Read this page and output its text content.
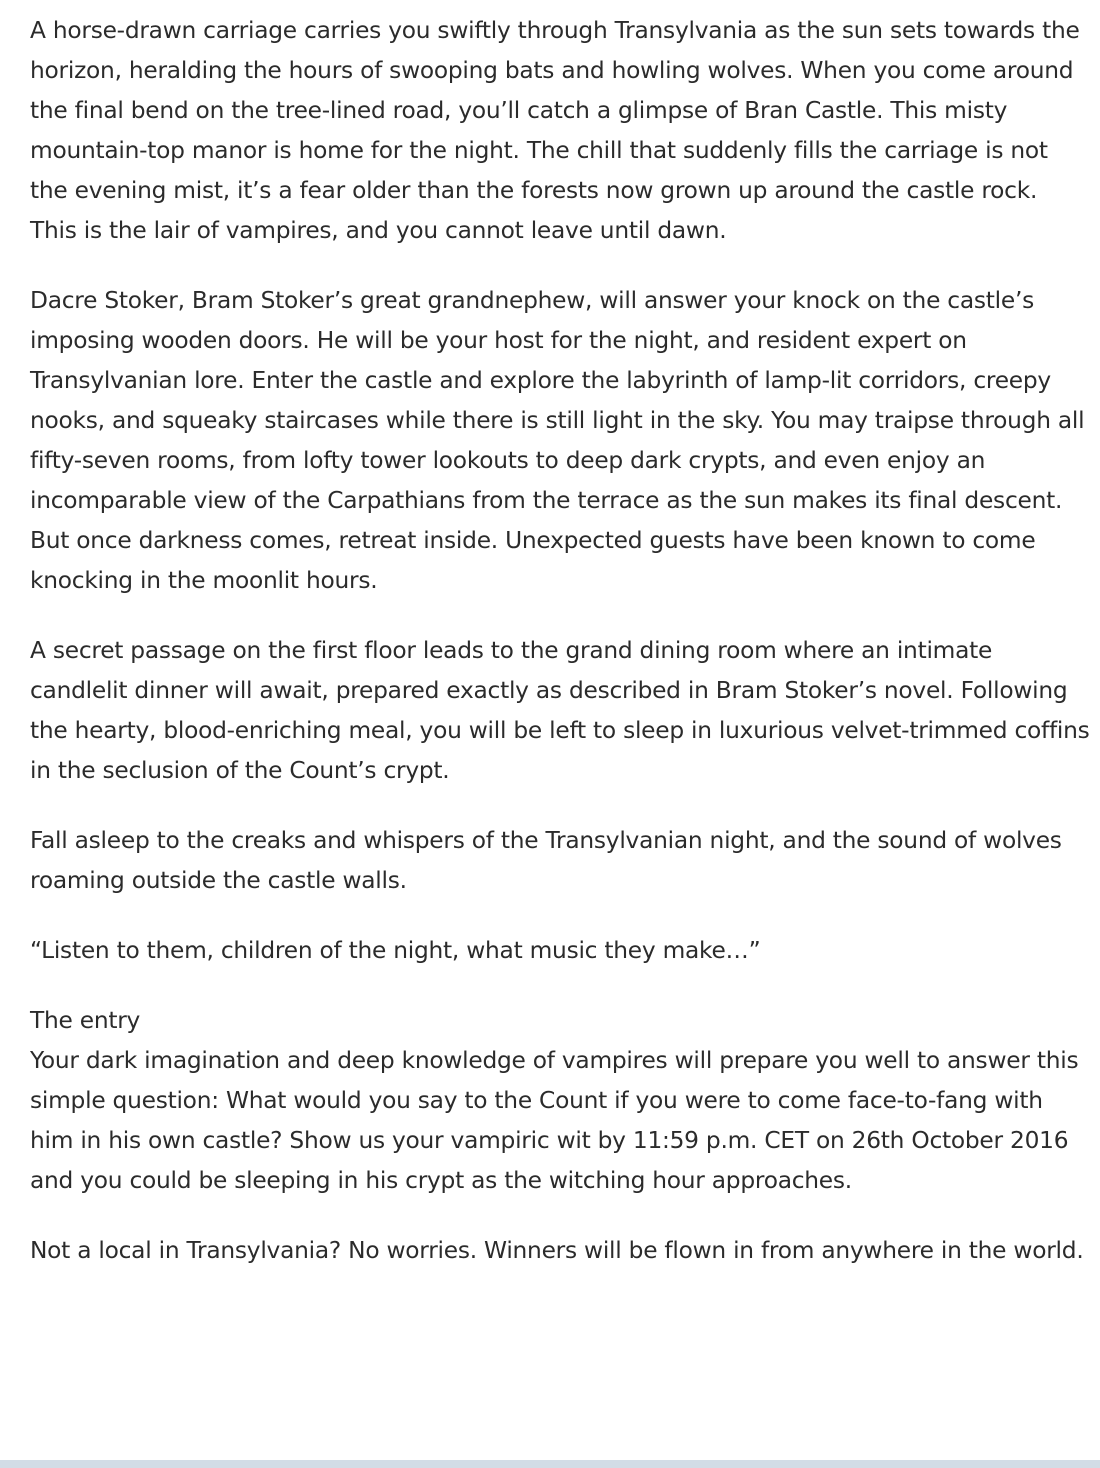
A horse-drawn carriage carries you swiftly through Transylvania as the sun sets towards the horizon, heralding the hours of swooping bats and howling wolves. When you come around the final bend on the tree-lined road, you’ll catch a glimpse of Bran Castle. This misty mountain-top manor is home for the night. The chill that suddenly fills the carriage is not the evening mist, it’s a fear older than the forests now grown up around the castle rock. This is the lair of vampires, and you cannot leave until dawn.

Dacre Stoker, Bram Stoker’s great grandnephew, will answer your knock on the castle’s imposing wooden doors. He will be your host for the night, and resident expert on Transylvanian lore. Enter the castle and explore the labyrinth of lamp-lit corridors, creepy nooks, and squeaky staircases while there is still light in the sky. You may traipse through all fifty-seven rooms, from lofty tower lookouts to deep dark crypts, and even enjoy an incomparable view of the Carpathians from the terrace as the sun makes its final descent. But once darkness comes, retreat inside. Unexpected guests have been known to come knocking in the moonlit hours.

A secret passage on the first floor leads to the grand dining room where an intimate candlelit dinner will await, prepared exactly as described in Bram Stoker’s novel. Following the hearty, blood-enriching meal, you will be left to sleep in luxurious velvet-trimmed coffins in the seclusion of the Count’s crypt.

Fall asleep to the creaks and whispers of the Transylvanian night, and the sound of wolves roaming outside the castle walls.

“Listen to them, children of the night, what music they make…”

The entry

Your dark imagination and deep knowledge of vampires will prepare you well to answer this simple question: What would you say to the Count if you were to come face-to-fang with him in his own castle? Show us your vampiric wit by 11:59 p.m. CET on 26th October 2016 and you could be sleeping in his crypt as the witching hour approaches.

Not a local in Transylvania? No worries. Winners will be flown in from anywhere in the world.
